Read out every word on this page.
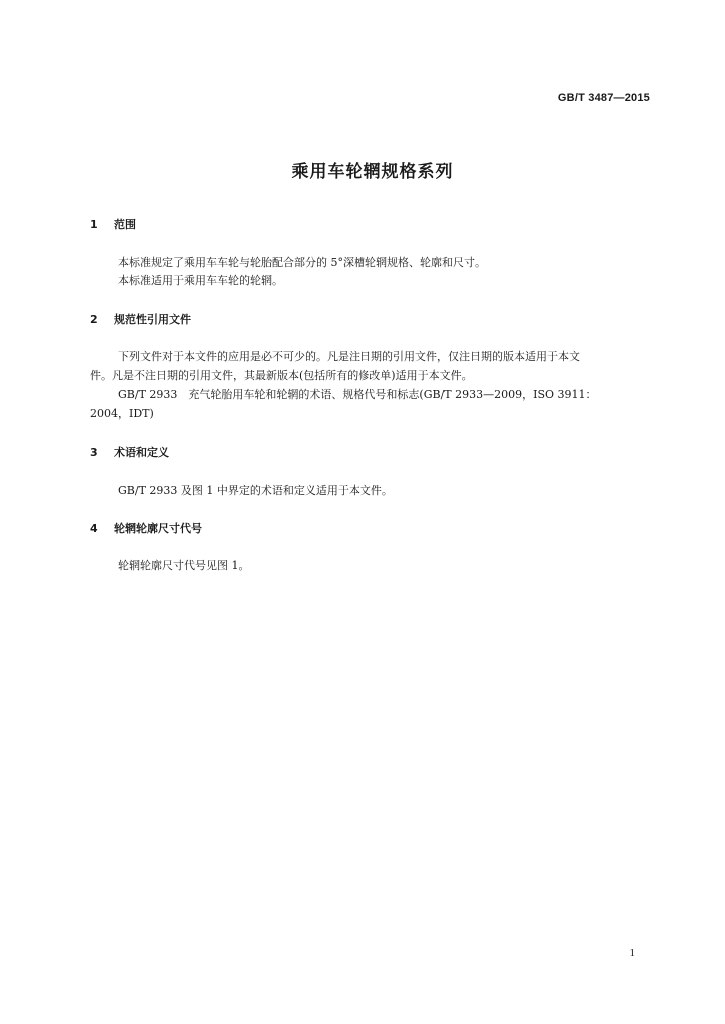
GB/T 3487—2015
乘用车轮辋规格系列
1	范围
本标准规定了乘用车车轮与轮胎配合部分的 5°深槽轮辋规格、轮廓和尺寸。
本标准适用于乘用车车轮的轮辋。
2	规范性引用文件
下列文件对于本文件的应用是必不可少的。凡是注日期的引用文件，仅注日期的版本适用于本文
件。凡是不注日期的引用文件，其最新版本(包括所有的修改单)适用于本文件。
GB/T 2933　充气轮胎用车轮和轮辋的术语、规格代号和标志(GB/T 2933—2009，ISO 3911：
2004，IDT)
3	术语和定义
GB/T 2933 及图 1 中界定的术语和定义适用于本文件。
4	轮辋轮廓尺寸代号
轮辋轮廓尺寸代号见图 1。
1
